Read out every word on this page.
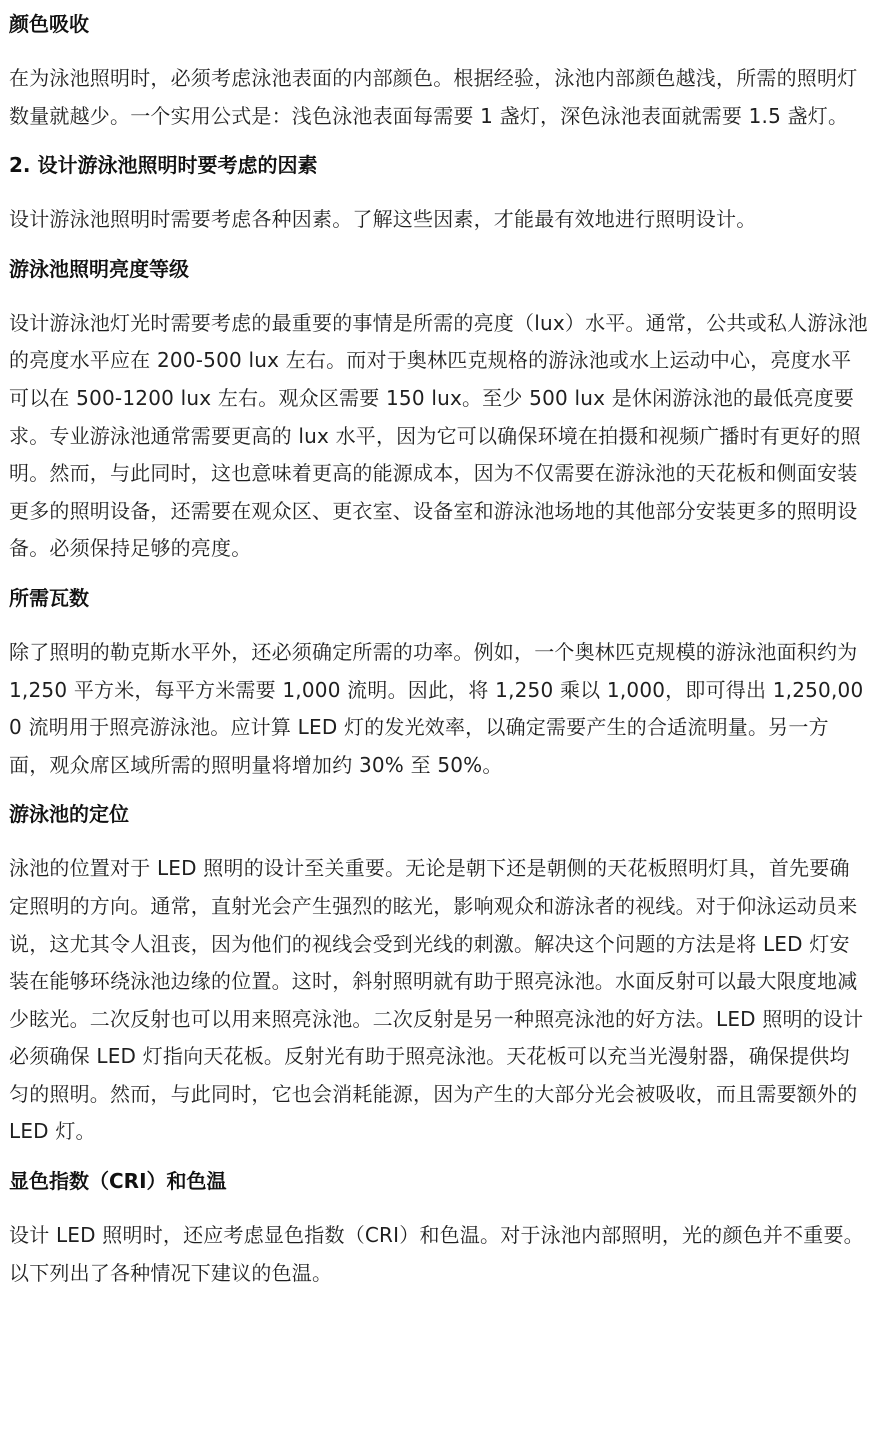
颜色吸收

在为泳池照明时，必须考虑泳池表面的内部颜色。根据经验，泳池内部颜色越浅，所需的照明灯数量就越少。一个实用公式是：浅色泳池表面每需要 1 盏灯，深色泳池表面就需要 1.5 盏灯。

2. 设计游泳池照明时要考虑的因素

设计游泳池照明时需要考虑各种因素。了解这些因素，才能最有效地进行照明设计。

游泳池照明亮度等级

设计游泳池灯光时需要考虑的最重要的事情是所需的亮度（lux）水平。通常，公共或私人游泳池的亮度水平应在 200-500 lux 左右。而对于奥林匹克规格的游泳池或水上运动中心，亮度水平可以在 500-1200 lux 左右。观众区需要 150 lux。至少 500 lux 是休闲游泳池的最低亮度要求。专业游泳池通常需要更高的 lux 水平，因为它可以确保环境在拍摄和视频广播时有更好的照明。然而，与此同时，这也意味着更高的能源成本，因为不仅需要在游泳池的天花板和侧面安装更多的照明设备，还需要在观众区、更衣室、设备室和游泳池场地的其他部分安装更多的照明设备。必须保持足够的亮度。

所需瓦数

除了照明的勒克斯水平外，还必须确定所需的功率。例如，一个奥林匹克规模的游泳池面积约为 1,250 平方米，每平方米需要 1,000 流明。因此，将 1,250 乘以 1,000，即可得出 1,250,000 流明用于照亮游泳池。应计算 LED 灯的发光效率，以确定需要产生的合适流明量。另一方面，观众席区域所需的照明量将增加约 30% 至 50%。

游泳池的定位

泳池的位置对于 LED 照明的设计至关重要。无论是朝下还是朝侧的天花板照明灯具，首先要确定照明的方向。通常，直射光会产生强烈的眩光，影响观众和游泳者的视线。对于仰泳运动员来说，这尤其令人沮丧，因为他们的视线会受到光线的刺激。解决这个问题的方法是将 LED 灯安装在能够环绕泳池边缘的位置。这时，斜射照明就有助于照亮泳池。水面反射可以最大限度地减少眩光。二次反射也可以用来照亮泳池。二次反射是另一种照亮泳池的好方法。LED 照明的设计必须确保 LED 灯指向天花板。反射光有助于照亮泳池。天花板可以充当光漫射器，确保提供均匀的照明。然而，与此同时，它也会消耗能源，因为产生的大部分光会被吸收，而且需要额外的 LED 灯。

显色指数（CRI）和色温

设计 LED 照明时，还应考虑显色指数（CRI）和色温。对于泳池内部照明，光的颜色并不重要。以下列出了各种情况下建议的色温。
